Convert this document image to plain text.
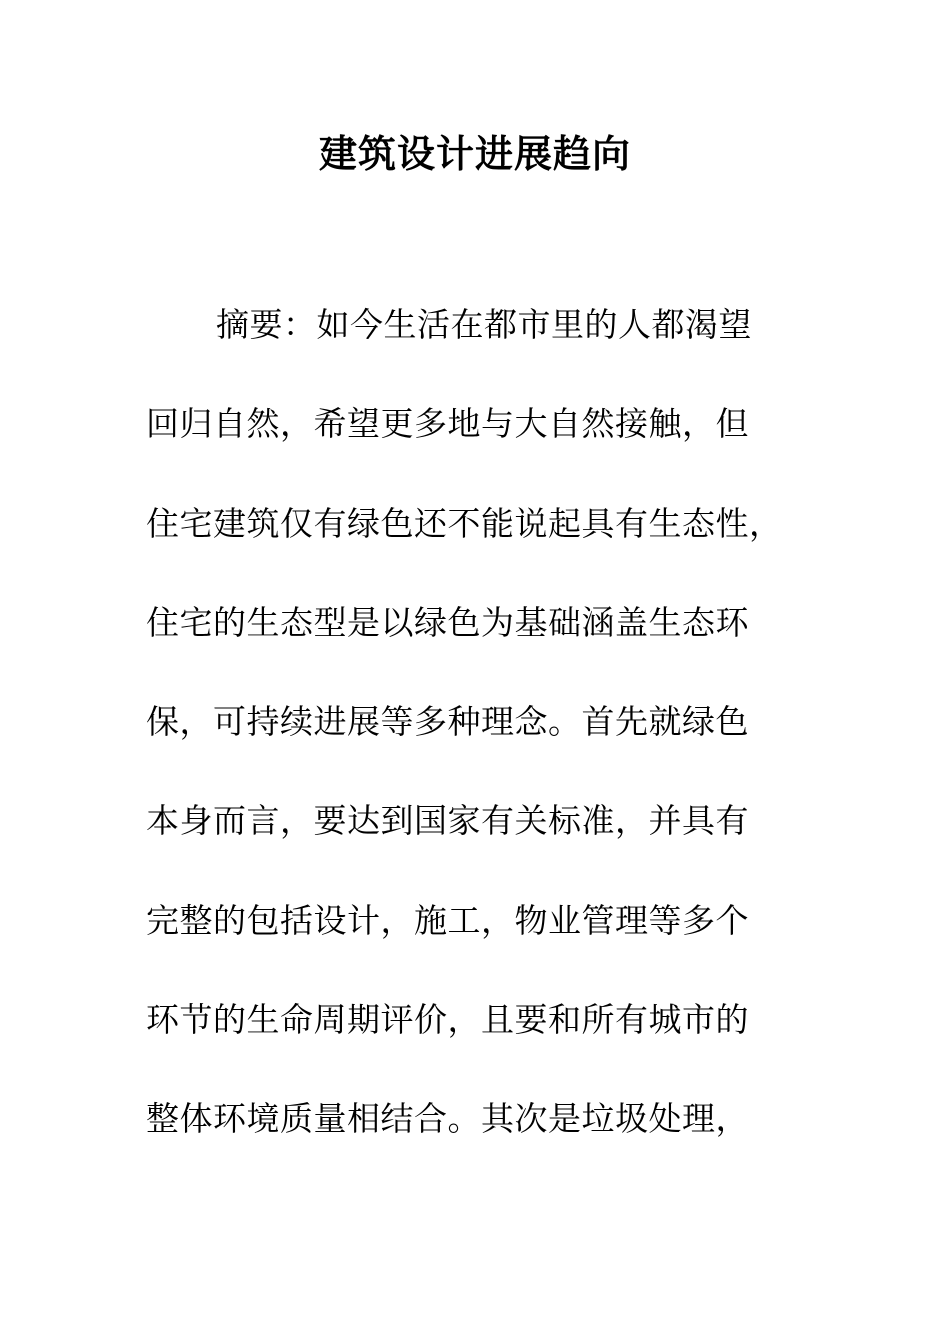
建筑设计进展趋向
摘要：如今生活在都市里的人都渴望
回归自然，希望更多地与大自然接触，但
住宅建筑仅有绿色还不能说起具有生态性，
住宅的生态型是以绿色为基础涵盖生态环
保，可持续进展等多种理念。首先就绿色
本身而言，要达到国家有关标准，并具有
完整的包括设计，施工，物业管理等多个
环节的生命周期评价，且要和所有城市的
整体环境质量相结合。其次是垃圾处理，
